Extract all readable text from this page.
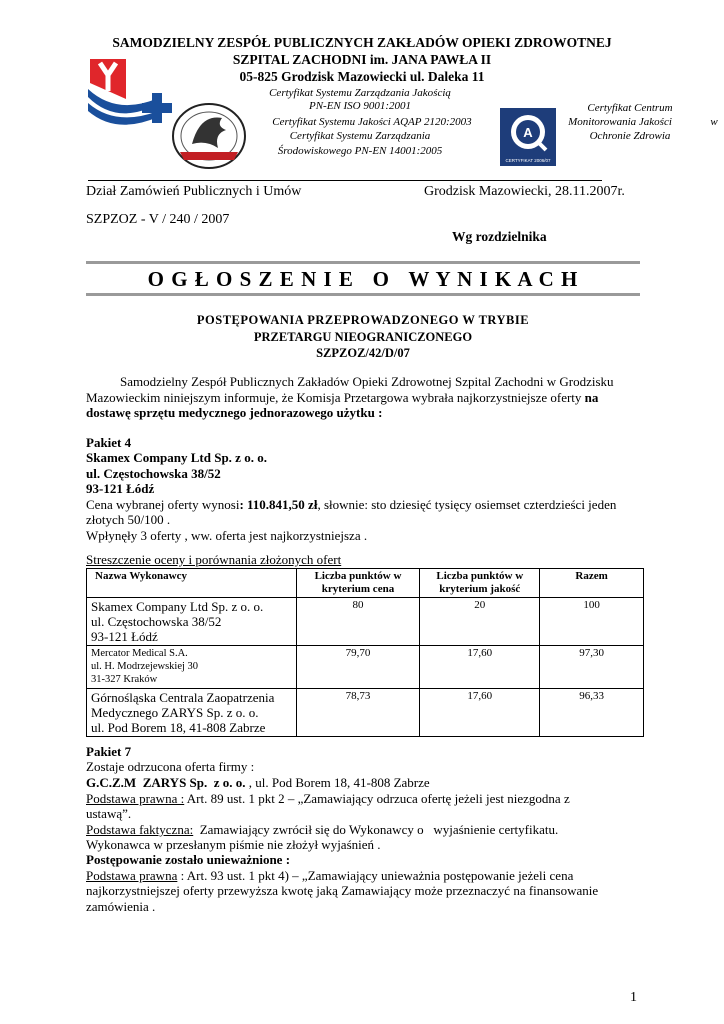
SAMODZIELNY ZESPÓŁ PUBLICZNYCH ZAKŁADÓW OPIEKI ZDROWOTNEJ
SZPITAL ZACHODNI im. JANA PAWŁA II
05-825 Grodzisk Mazowiecki ul. Daleka 11
Certyfikat Systemu Zarządzania Jakością
PN-EN ISO 9001:2001
Certyfikat Systemu Jakości AQAP 2120:2003
Certyfikat Systemu Zarządzania
Środowiskowego PN-EN 14001:2005
Certyfikat Centrum
Monitorowania Jakości	w
Ochronie Zdrowia
A
CERTYFIKAT 2006/07
Dział Zamówień Publicznych i Umów	Grodzisk Mazowiecki, 28.11.2007r.
SZPZOZ - V / 240 / 2007
Wg rozdzielnika
O G Ł O S Z E N I E   O   W Y N I K A C H
POSTĘPOWANIA PRZEPROWADZONEGO W TRYBIE
PRZETARGU NIEOGRANICZONEGO
SZPZOZ/42/D/07
Samodzielny Zespół Publicznych Zakładów Opieki Zdrowotnej Szpital Zachodni w Grodzisku
Mazowieckim niniejszym informuje, że Komisja Przetargowa wybrała najkorzystniejsze oferty na
dostawę sprzętu medycznego jednorazowego użytku :
Pakiet 4
Skamex Company Ltd Sp. z o. o.
ul. Częstochowska 38/52
93-121 Łódź
Cena wybranej oferty wynosi: 110.841,50 zł, słownie: sto dziesięć tysięcy osiemset czterdzieści jeden
złotych 50/100 .
Wpłynęły 3 oferty , ww. oferta jest najkorzystniejsza .
Streszczenie oceny i porównania złożonych ofert
Nazwa Wykonawcy	Liczba punktów w kryterium cena	Liczba punktów w kryterium jakość	Razem

Skamex Company Ltd Sp. z o. o.
ul. Częstochowska 38/52
93-121 Łódź	80	20	100

Mercator Medical S.A.
ul. H. Modrzejewskiej 30
31-327 Kraków	79,70	17,60	97,30

Górnośląska Centrala Zaopatrzenia
Medycznego ZARYS Sp. z o. o.
ul. Pod Borem 18, 41-808 Zabrze	78,73	17,60	96,33
Pakiet 7
Zostaje odrzucona oferta firmy :
G.C.Z.M  ZARYS Sp.  z o. o. , ul. Pod Borem 18, 41-808 Zabrze
Podstawa prawna : Art. 89 ust. 1 pkt 2 – „Zamawiający odrzuca ofertę jeżeli jest niezgodna z
ustawą”.
Podstawa faktyczna:  Zamawiający zwrócił się do Wykonawcy o   wyjaśnienie certyfikatu.
Wykonawca w przesłanym piśmie nie złożył wyjaśnień .
Postępowanie zostało unieważnione :
Podstawa prawna : Art. 93 ust. 1 pkt 4) – „Zamawiający unieważnia postępowanie jeżeli cena
najkorzystniejszej oferty przewyższa kwotę jaką Zamawiający może przeznaczyć na finansowanie
zamówienia .
1
